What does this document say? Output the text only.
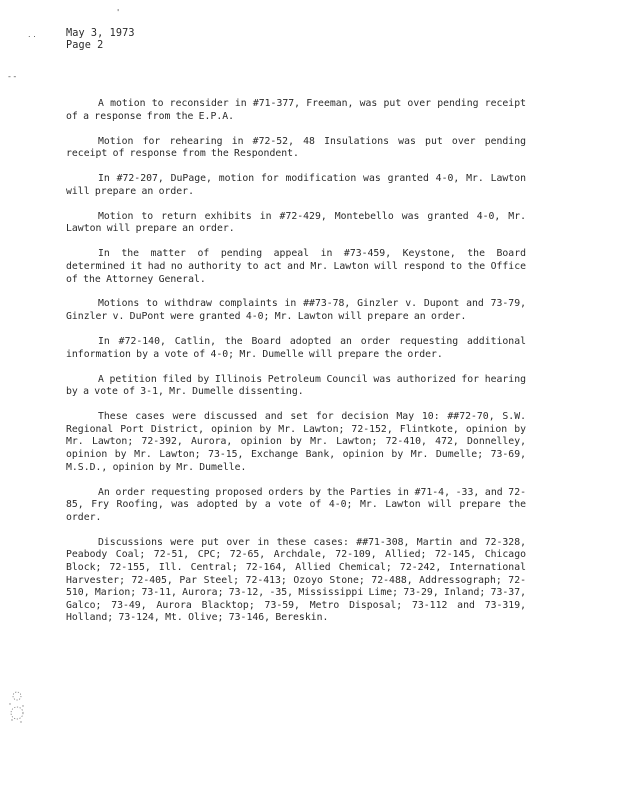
'
. .
- -
May 3, 1973
Page 2

A motion to reconsider in #71-377, Freeman, was put over pending receipt of a response from the E.P.A.

Motion for rehearing in #72-52, 48 Insulations was put over pending receipt of response from the Respondent.

In #72-207, DuPage, motion for modification was granted 4-0, Mr. Lawton will prepare an order.

Motion to return exhibits in #72-429, Montebello was granted 4-0, Mr. Lawton will prepare an order.

In the matter of pending appeal in #73-459, Keystone, the Board determined it had no authority to act and Mr. Lawton will respond to the Office of the Attorney General.

Motions to withdraw complaints in ##73-78, Ginzler v. Dupont and 73-79, Ginzler v. DuPont were granted 4-0; Mr. Lawton will prepare an order.

In #72-140, Catlin, the Board adopted an order requesting additional information by a vote of 4-0; Mr. Dumelle will prepare the order.

A petition filed by Illinois Petroleum Council was authorized for hearing by a vote of 3-1, Mr. Dumelle dissenting.

These cases were discussed and set for decision May 10: ##72-70, S.W. Regional Port District, opinion by Mr. Lawton; 72-152, Flintkote, opinion by Mr. Lawton; 72-392, Aurora, opinion by Mr. Lawton; 72-410, 472, Donnelley, opinion by Mr. Lawton; 73-15, Exchange Bank, opinion by Mr. Dumelle; 73-69, M.S.D., opinion by Mr. Dumelle.

An order requesting proposed orders by the Parties in #71-4, -33, and 72-85, Fry Roofing, was adopted by a vote of 4-0; Mr. Lawton will prepare the order.

Discussions were put over in these cases: ##71-308, Martin and 72-328, Peabody Coal; 72-51, CPC; 72-65, Archdale, 72-109, Allied; 72-145, Chicago Block; 72-155, Ill. Central; 72-164, Allied Chemical; 72-242, International Harvester; 72-405, Par Steel; 72-413; Ozoyo Stone; 72-488, Addressograph; 72-510, Marion; 73-11, Aurora; 73-12, -35, Mississippi Lime; 73-29, Inland; 73-37, Galco; 73-49, Aurora Blacktop; 73-59, Metro Disposal; 73-112 and 73-319, Holland; 73-124, Mt. Olive; 73-146, Bereskin.
